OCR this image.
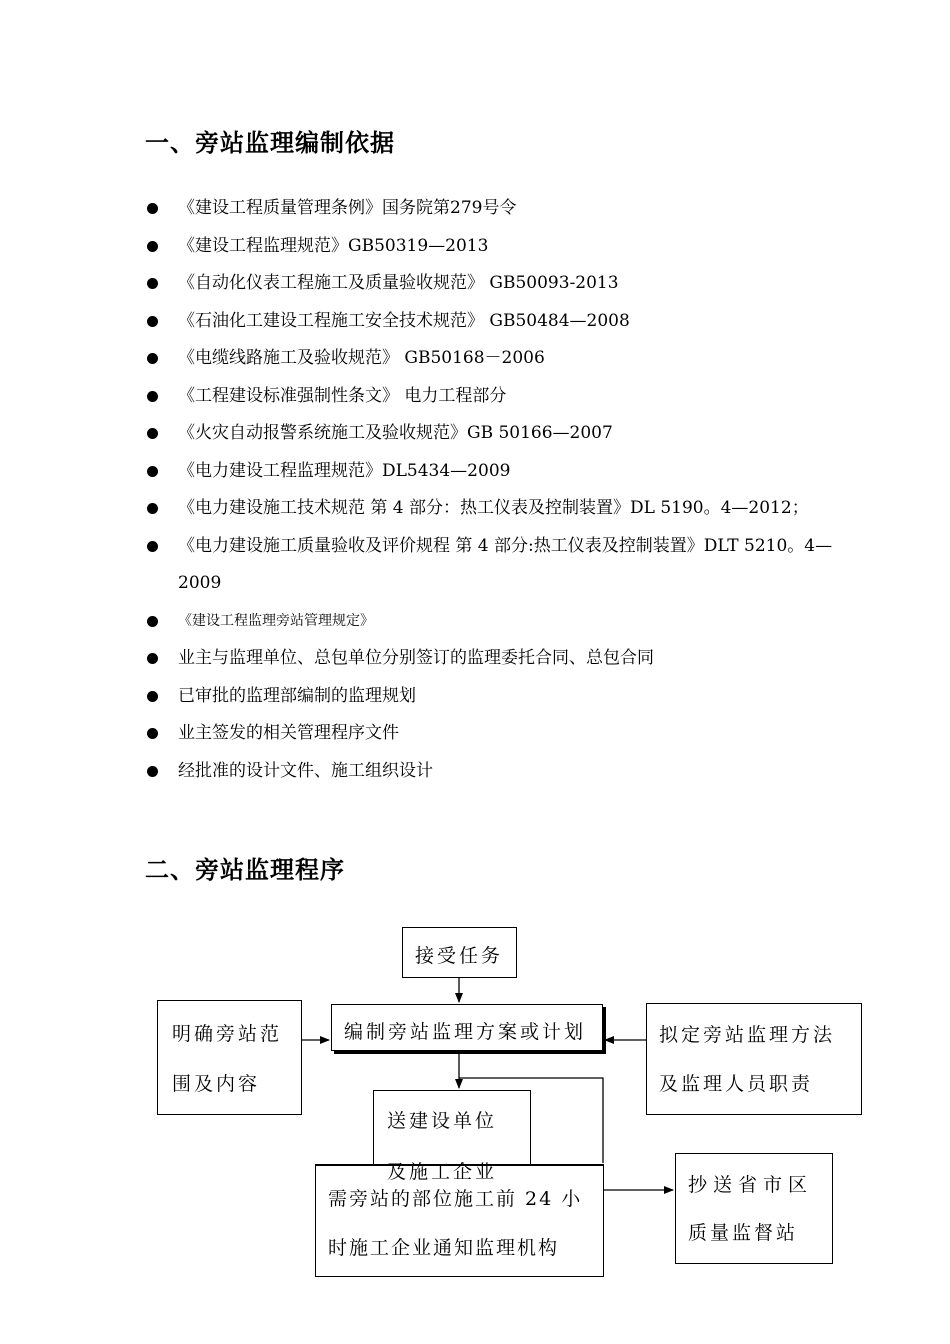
一、旁站监理编制依据
《建设工程质量管理条例》国务院第279号令
《建设工程监理规范》GB50319—2013
《自动化仪表工程施工及质量验收规范》 GB50093-2013
《石油化工建设工程施工安全技术规范》 GB50484—2008
《电缆线路施工及验收规范》 GB50168－2006
《工程建设标准强制性条文》 电力工程部分
《火灾自动报警系统施工及验收规范》GB 50166—2007
《电力建设工程监理规范》DL5434—2009
《电力建设施工技术规范 第 4 部分：热工仪表及控制装置》DL 5190。4—2012；
《电力建设施工质量验收及评价规程 第 4 部分:热工仪表及控制装置》DLT 5210。4—2009
《建设工程监理旁站管理规定》
业主与监理单位、总包单位分别签订的监理委托合同、总包合同
已审批的监理部编制的监理规划
业主签发的相关管理程序文件
经批准的设计文件、施工组织设计
二、旁站监理程序
接受任务
编制旁站监理方案或计划
明确旁站范
围及内容
拟定旁站监理方法
及监理人员职责
送建设单位
及施工企业
需旁站的部位施工前 24 小
时施工企业通知监理机构
抄送省市区
质量监督站
